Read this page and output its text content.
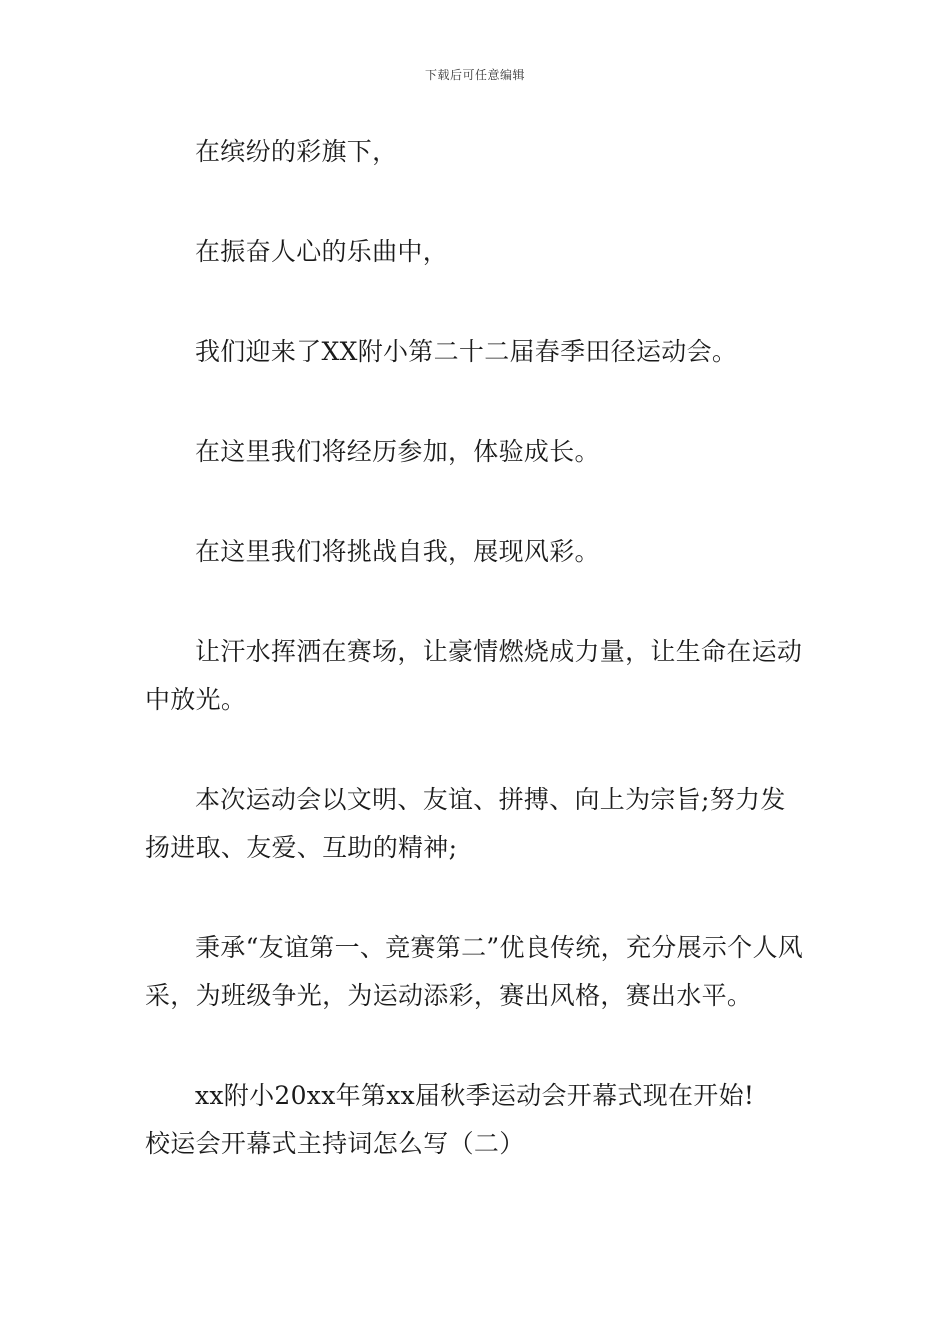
下载后可任意编辑

在缤纷的彩旗下，

在振奋人心的乐曲中，

我们迎来了XX附小第二十二届春季田径运动会。

在这里我们将经历参加，体验成长。

在这里我们将挑战自我，展现风彩。

让汗水挥洒在赛场，让豪情燃烧成力量，让生命在运动中放光。

本次运动会以文明、友谊、拼搏、向上为宗旨;努力发扬进取、友爱、互助的精神;

秉承“友谊第一、竞赛第二”优良传统，充分展示个人风采，为班级争光，为运动添彩，赛出风格，赛出水平。

xx附小20xx年第xx届秋季运动会开幕式现在开始!

校运会开幕式主持词怎么写（二）
